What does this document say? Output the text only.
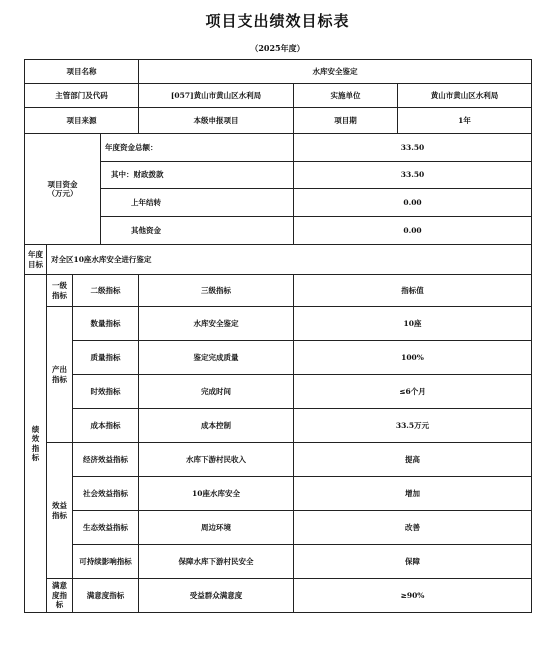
项目支出绩效目标表
（2025年度）
项目名称				水库安全鉴定		
主管部门及代码				[057]黄山市黄山区水利局	实施单位	黄山市黄山区水利局
项目来源				本级申报项目	项目期	1年
项目资金
（万元）			年度资金总额：		33.50	
			其中：财政拨款		33.50	
			上年结转		0.00	
			其他资金		0.00	
年度目标	对全区10座水库安全进行鉴定					
绩效指标	一级指标	二级指标		三级指标	指标值	
	产出指标	数量指标		水库安全鉴定	10座	
		质量指标		鉴定完成质量	100%	
		时效指标		完成时间	≤6个月	
		成本指标		成本控制	33.5万元	
	效益指标	经济效益指标		水库下游村民收入	提高	
		社会效益指标		10座水库安全	增加	
		生态效益指标		周边环境	改善	
		可持续影响指标		保障水库下游村民安全	保障	
	满意度指标	满意度指标		受益群众满意度	≥90%	
